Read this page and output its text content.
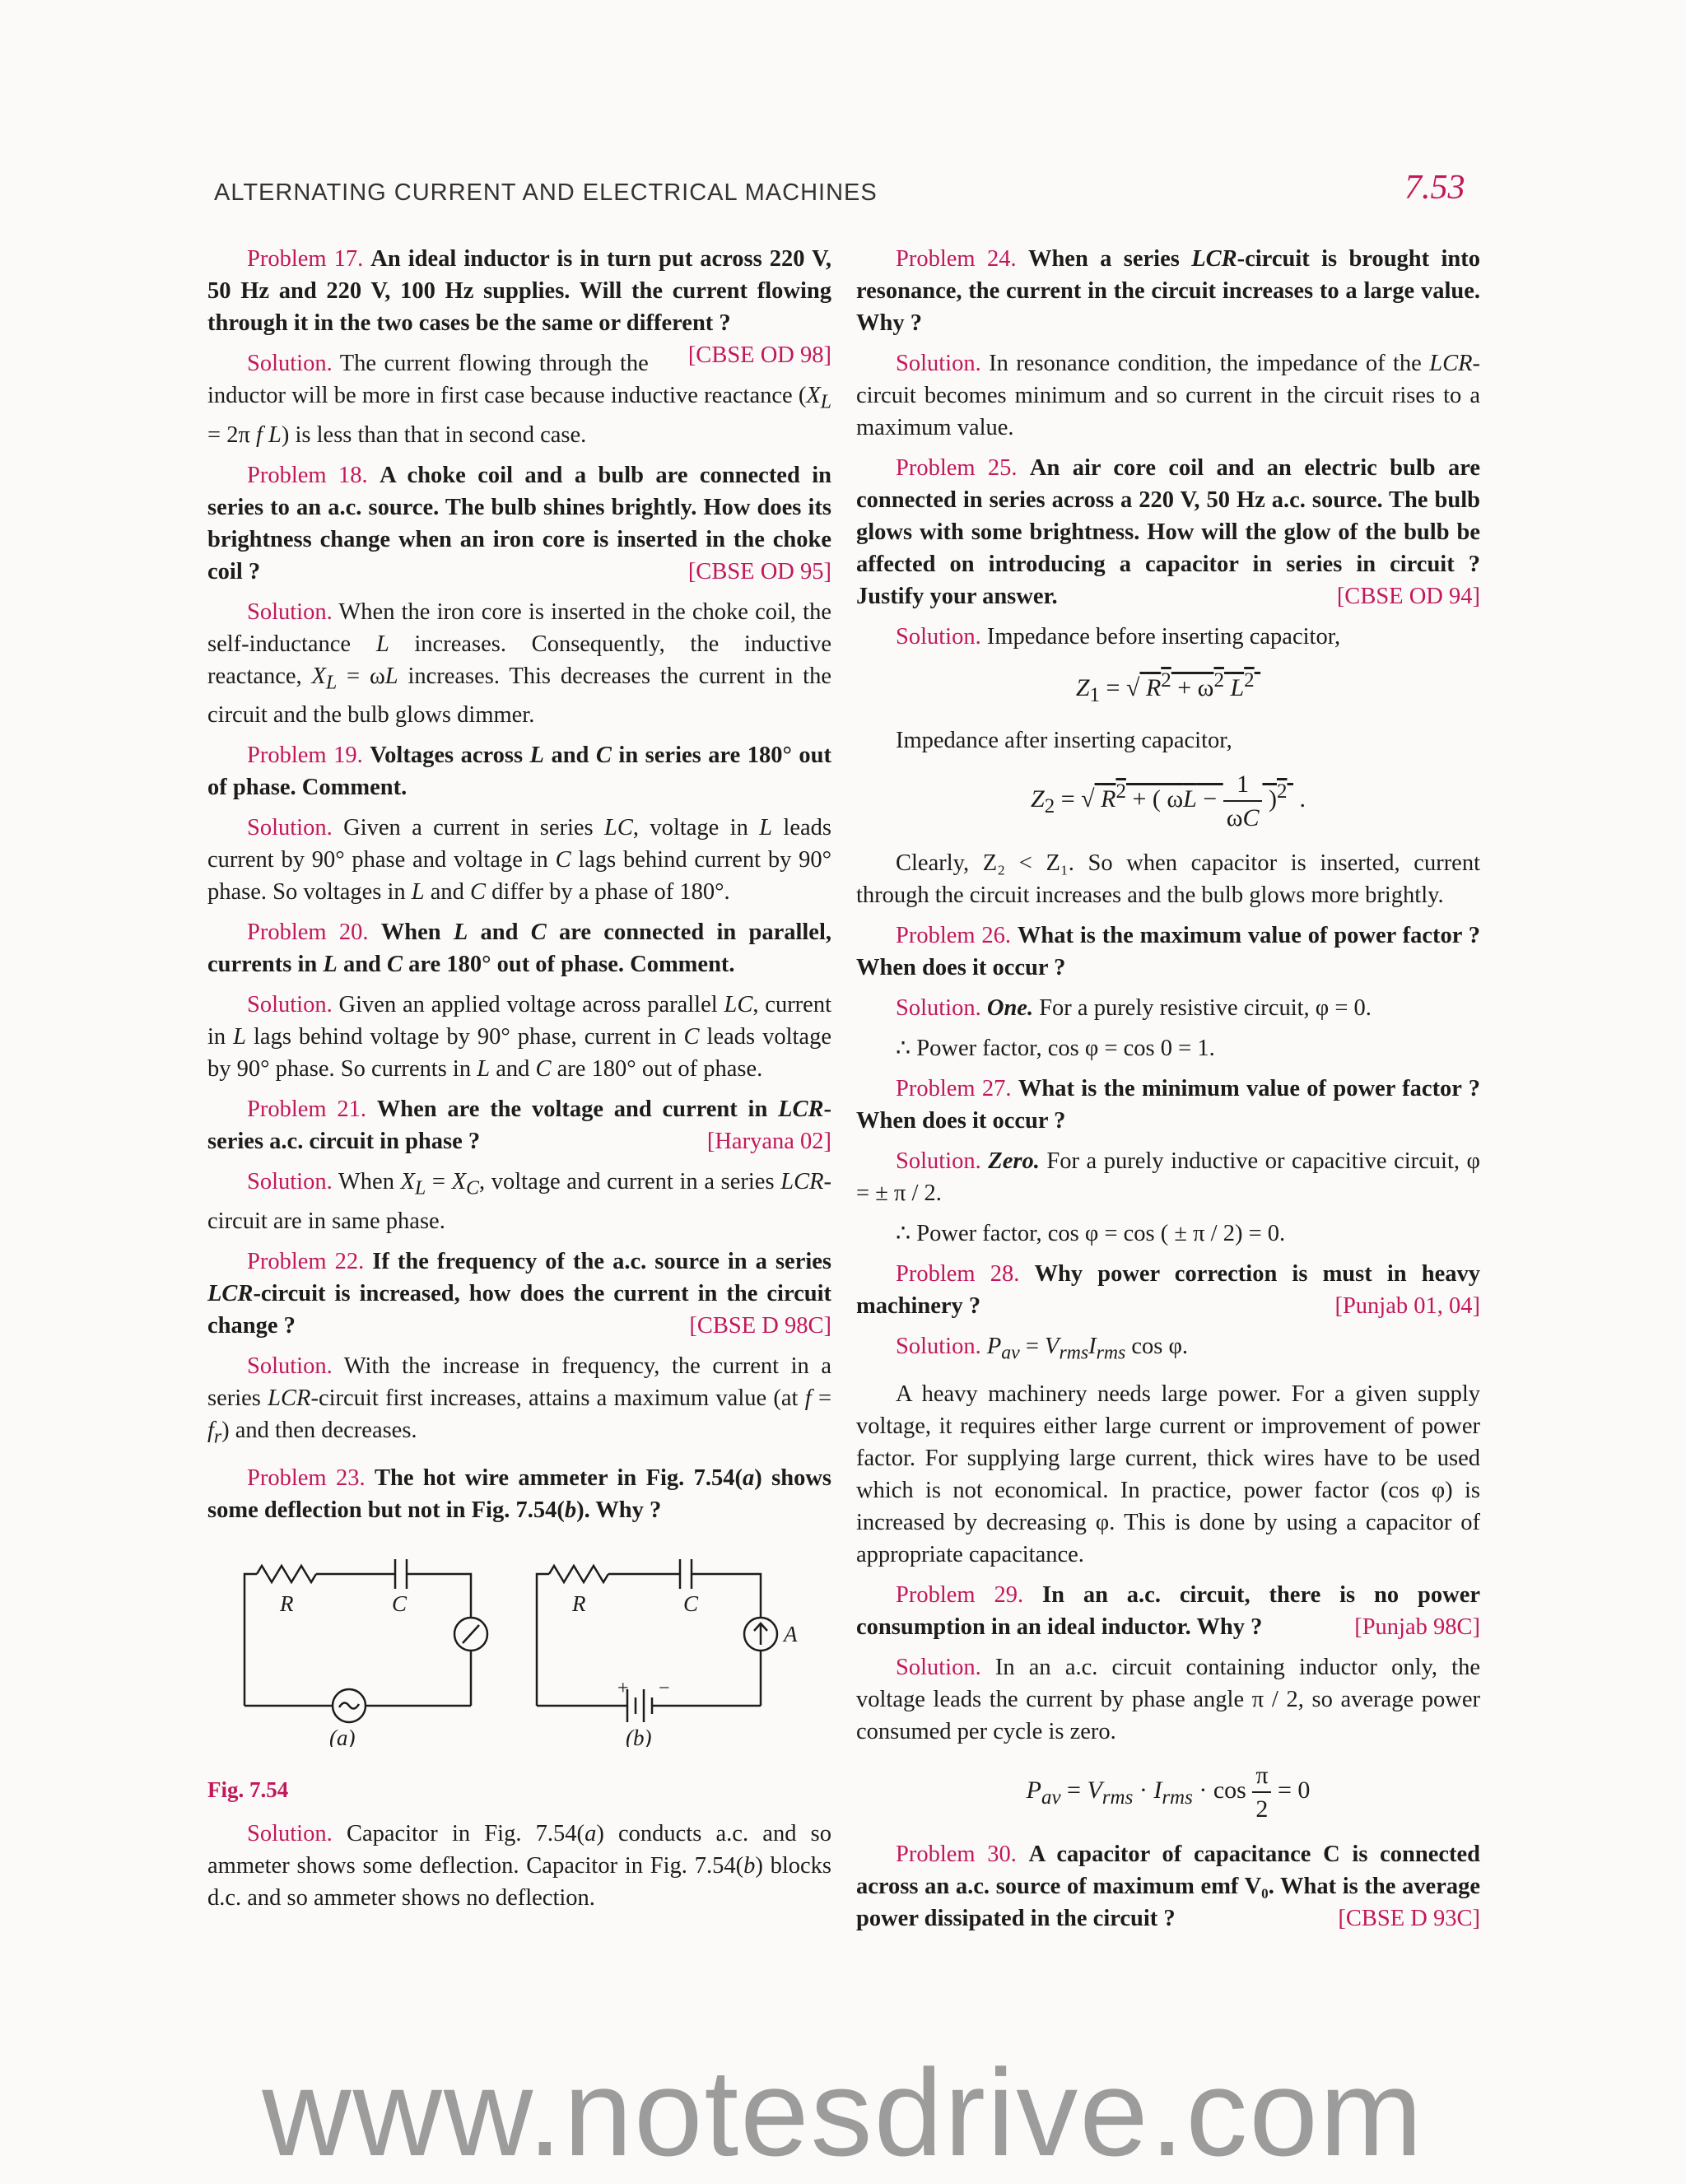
ALTERNATING CURRENT AND ELECTRICAL MACHINES	7.53

Problem 17. An ideal inductor is in turn put across 220 V, 50 Hz and 220 V, 100 Hz supplies. Will the current flowing through it in the two cases be the same or different ?
[CBSE OD 98]

Solution. The current flowing through the inductor will be more in first case because inductive reactance ($X_L = 2\pi$ f L) is less than that in second case.

Problem 18. A choke coil and a bulb are connected in series to an a.c. source. The bulb shines brightly. How does its brightness change when an iron core is inserted in the choke coil ?	[CBSE OD 95]

Solution. When the iron core is inserted in the choke coil, the self-inductance L increases. Consequently, the inductive reactance, $X_L = \omega L$ increases. This decreases the current in the circuit and the bulb glows dimmer.

Problem 19. Voltages across L and C in series are 180° out of phase. Comment.

Solution. Given a current in series LC, voltage in L leads current by 90° phase and voltage in C lags behind current by 90° phase. So voltages in L and C differ by a phase of 180°.

Problem 20. When L and C are connected in parallel, currents in L and C are 180° out of phase. Comment.

Solution. Given an applied voltage across parallel LC, current in L lags behind voltage by 90° phase, current in C leads voltage by 90° phase. So currents in L and C are 180° out of phase.

Problem 21. When are the voltage and current in LCR-series a.c. circuit in phase ?	[Haryana 02]

Solution. When $X_L = X_C$, voltage and current in a series LCR-circuit are in same phase.

Problem 22. If the frequency of the a.c. source in a series LCR-circuit is increased, how does the current in the circuit change ?	[CBSE D 98C]

Solution. With the increase in frequency, the current in a series LCR-circuit first increases, attains a maximum value (at $f = f_r$) and then decreases.

Problem 23. The hot wire ammeter in Fig. 7.54(a) shows some deflection but not in Fig. 7.54(b). Why ?

R	C
(a)
R	C
A
+ −
(b)
Fig. 7.54

Solution. Capacitor in Fig. 7.54(a) conducts a.c. and so ammeter shows some deflection. Capacitor in Fig. 7.54(b) blocks d.c. and so ammeter shows no deflection.

Problem 24. When a series LCR-circuit is brought into resonance, the current in the circuit increases to a large value. Why ?

Solution. In resonance condition, the impedance of the LCR-circuit becomes minimum and so current in the circuit rises to a maximum value.

Problem 25. An air core coil and an electric bulb are connected in series across a 220 V, 50 Hz a.c. source. The bulb glows with some brightness. How will the glow of the bulb be affected on introducing a capacitor in series in circuit ? Justify your answer.	[CBSE OD 94]

Solution. Impedance before inserting capacitor,

$Z_1$ = √ $R^2 + \omega^2$ $L^2$

Impedance after inserting capacitor,

$Z_2$ = √ $R^2$ + ( $\omega L - \frac{1}{\omega C} )^2$  .

Clearly, Z₂ < Z₁. So when capacitor is inserted, current through the circuit increases and the bulb glows more brightly.

Problem 26. What is the maximum value of power factor ? When does it occur ?

Solution. One. For a purely resistive circuit, φ = 0.

∴ Power factor, cos φ = cos 0 = 1.

Problem 27. What is the minimum value of power factor ? When does it occur ?

Solution. Zero. For a purely inductive or capacitive circuit, φ = ± π / 2.

∴ Power factor, cos φ = cos ( ± π / 2) = 0.

Problem 28. Why power correction is must in heavy machinery ?	[Punjab 01, 04]

Solution. $P_{av} = V_{rms}I_{rms}$ cos φ.

A heavy machinery needs large power. For a given supply voltage, it requires either large current or improvement of power factor. For supplying large current, thick wires have to be used which is not economical. In practice, power factor (cos φ) is increased by decreasing φ. This is done by using a capacitor of appropriate capacitance.

Problem 29. In an a.c. circuit, there is no power consumption in an ideal inductor. Why ?	[Punjab 98C]

Solution. In an a.c. circuit containing inductor only, the voltage leads the current by phase angle π / 2, so average power consumed per cycle is zero.

$P_{av} = V_{rms} \cdot I_{rms} \cdot \cos \frac{\pi}{2} = 0$

Problem 30. A capacitor of capacitance C is connected across an a.c. source of maximum emf V₀. What is the average power dissipated in the circuit ?	[CBSE D 93C]

www.notesdrive.com
